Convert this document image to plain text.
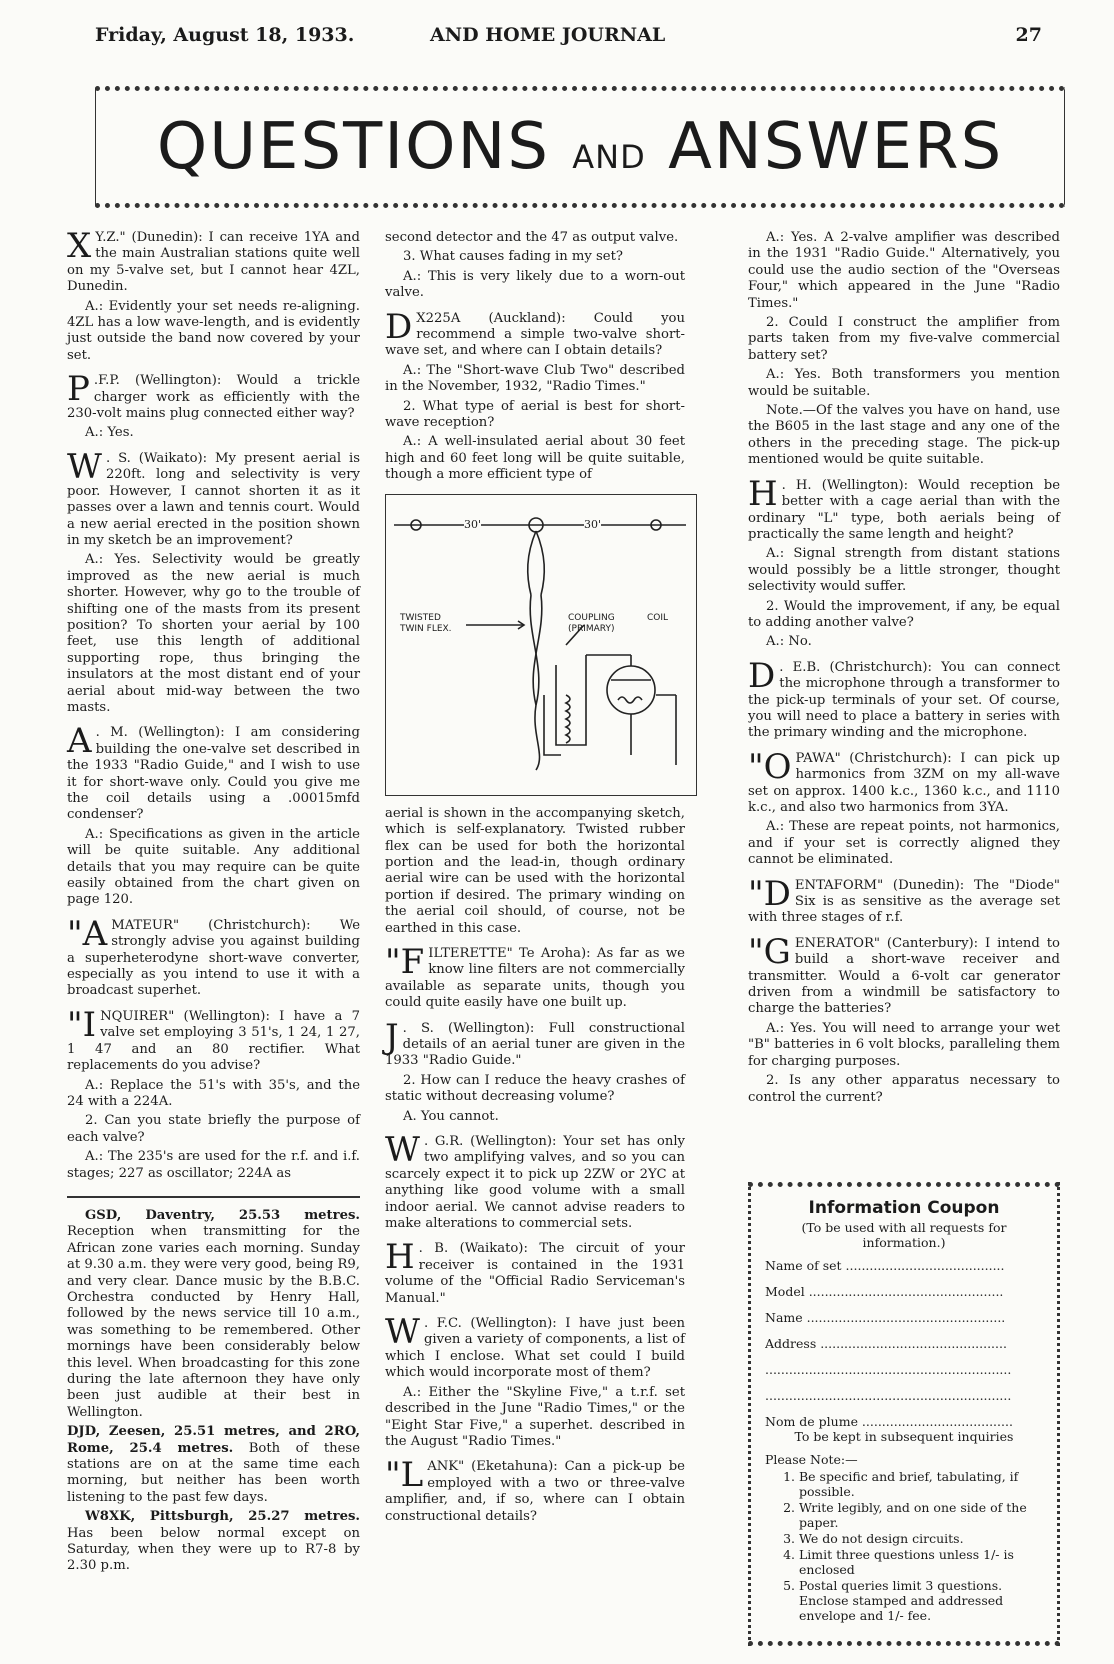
Friday, August 18, 1933.	AND HOME JOURNAL	27
QUESTIONS AND ANSWERS

X Y.Z." (Dunedin): I can receive 1YA and the main Australian stations quite well on my 5-valve set, but I cannot hear 4ZL, Dunedin.

A.: Evidently your set needs re-aligning. 4ZL has a low wave-length, and is evidently just outside the band now covered by your set.

P .F.P. (Wellington): Would a trickle charger work as efficiently with the 230-volt mains plug connected either way?

A.: Yes.

W . S. (Waikato): My present aerial is 220ft. long and selectivity is very poor. However, I cannot shorten it as it passes over a lawn and tennis court. Would a new aerial erected in the position shown in my sketch be an improvement?

A.: Yes. Selectivity would be greatly improved as the new aerial is much shorter. However, why go to the trouble of shifting one of the masts from its present position? To shorten your aerial by 100 feet, use this length of additional supporting rope, thus bringing the insulators at the most distant end of your aerial about mid-way between the two masts.

A . M. (Wellington): I am considering building the one-valve set described in the 1933 "Radio Guide," and I wish to use it for short-wave only. Could you give me the coil details using a .00015mfd condenser?

A.: Specifications as given in the article will be quite suitable. Any additional details that you may require can be quite easily obtained from the chart given on page 120.

"AMATEUR" (Christchurch): We strongly advise you against building a superheterodyne short-wave converter, especially as you intend to use it with a broadcast superhet.

"INQUIRER" (Wellington): I have a 7 valve set employing 3 51's, 1 24, 1 27, 1 47 and an 80 rectifier. What replacements do you advise?

A.: Replace the 51's with 35's, and the 24 with a 224A.

2. Can you state briefly the purpose of each valve?

A.: The 235's are used for the r.f. and i.f. stages; 227 as oscillator; 224A as

GSD, Daventry, 25.53 metres. Reception when transmitting for the African zone varies each morning. Sunday at 9.30 a.m. they were very good, being R9, and very clear. Dance music by the B.B.C. Orchestra conducted by Henry Hall, followed by the news service till 10 a.m., was something to be remembered. Other mornings have been considerably below this level. When broadcasting for this zone during the late afternoon they have only been just audible at their best in Wellington.

DJD, Zeesen, 25.51 metres, and 2RO, Rome, 25.4 metres. Both of these stations are on at the same time each morning, but neither has been worth listening to the past few days.

W8XK, Pittsburgh, 25.27 metres. Has been below normal except on Saturday, when they were up to R7-8 by 2.30 p.m.

second detector and the 47 as output valve.

3. What causes fading in my set?

A.: This is very likely due to a worn-out valve.

D X225A (Auckland): Could you recommend a simple two-valve short-wave set, and where can I obtain details?

A.: The "Short-wave Club Two" described in the November, 1932, "Radio Times."

2. What type of aerial is best for short-wave reception?

A.: A well-insulated aerial about 30 feet high and 60 feet long will be quite suitable, though a more efficient type of

30'	30'
TWISTED TWIN FLEX.
COUPLING COIL (PRIMARY)

aerial is shown in the accompanying sketch, which is self-explanatory. Twisted rubber flex can be used for both the horizontal portion and the lead-in, though ordinary aerial wire can be used with the horizontal portion if desired. The primary winding on the aerial coil should, of course, not be earthed in this case.

"FILTERETTE" Te Aroha): As far as we know line filters are not commercially available as separate units, though you could quite easily have one built up.

J . S. (Wellington): Full constructional details of an aerial tuner are given in the 1933 "Radio Guide."

2. How can I reduce the heavy crashes of static without decreasing volume?

A. You cannot.

W . G.R. (Wellington): Your set has only two amplifying valves, and so you can scarcely expect it to pick up 2ZW or 2YC at anything like good volume with a small indoor aerial. We cannot advise readers to make alterations to commercial sets.

H . B. (Waikato): The circuit of your receiver is contained in the 1931 volume of the "Official Radio Serviceman's Manual."

W . F.C. (Wellington): I have just been given a variety of components, a list of which I enclose. What set could I build which would incorporate most of them?

A.: Either the "Skyline Five," a t.r.f. set described in the June "Radio Times," or the "Eight Star Five," a superhet. described in the August "Radio Times."

"LANK" (Eketahuna): Can a pick-up be employed with a two or three-valve amplifier, and, if so, where can I obtain constructional details?

A.: Yes. A 2-valve amplifier was described in the 1931 "Radio Guide." Alternatively, you could use the audio section of the "Overseas Four," which appeared in the June "Radio Times."

2. Could I construct the amplifier from parts taken from my five-valve commercial battery set?

A.: Yes. Both transformers you mention would be suitable.

Note.—Of the valves you have on hand, use the B605 in the last stage and any one of the others in the preceding stage. The pick-up mentioned would be quite suitable.

H . H. (Wellington): Would reception be better with a cage aerial than with the ordinary "L" type, both aerials being of practically the same length and height?

A.: Signal strength from distant stations would possibly be a little stronger, thought selectivity would suffer.

2. Would the improvement, if any, be equal to adding another valve?

A.: No.

D . E.B. (Christchurch): You can connect the microphone through a transformer to the pick-up terminals of your set. Of course, you will need to place a battery in series with the primary winding and the microphone.

"OPAWA" (Christchurch): I can pick up harmonics from 3ZM on my all-wave set on approx. 1400 k.c., 1360 k.c., and 1110 k.c., and also two harmonics from 3YA.

A.: These are repeat points, not harmonics, and if your set is correctly aligned they cannot be eliminated.

"DENTAFORM" (Dunedin): The "Diode" Six is as sensitive as the average set with three stages of r.f.

"GENERATOR" (Canterbury): I intend to build a short-wave receiver and transmitter. Would a 6-volt car generator driven from a windmill be satisfactory to charge the batteries?

A.: Yes. You will need to arrange your wet "B" batteries in 6 volt blocks, paralleling them for charging purposes.

2. Is any other apparatus necessary to control the current?

Information Coupon

(To be used with all requests for information.)

Name of set ........................................

Model .................................................

Name ..................................................

Address ...............................................

..............................................................

..............................................................

Nom de plume ......................................

To be kept in subsequent inquiries

Please Note:—

1. Be specific and brief, tabulating, if possible.
2. Write legibly, and on one side of the paper.
3. We do not design circuits.
4. Limit three questions unless 1/- is enclosed
5. Postal queries limit 3 questions. Enclose stamped and addressed envelope and 1/- fee.
